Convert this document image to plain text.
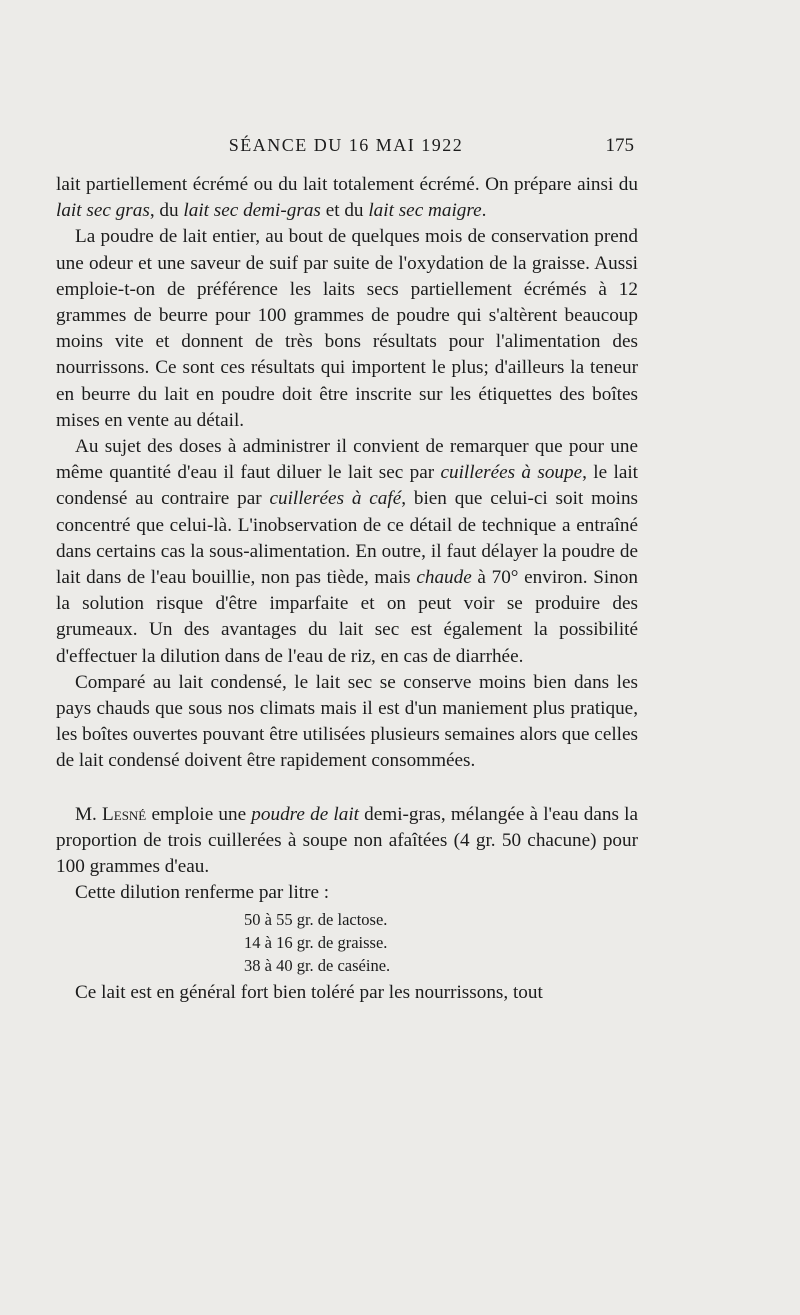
SÉANCE DU 16 MAI 1922	175

lait partiellement écrémé ou du lait totalement écrémé. On prépare ainsi du lait sec gras, du lait sec demi-gras et du lait sec maigre.

La poudre de lait entier, au bout de quelques mois de conservation prend une odeur et une saveur de suif par suite de l'oxydation de la graisse. Aussi emploie-t-on de préférence les laits secs partiellement écrémés à 12 grammes de beurre pour 100 grammes de poudre qui s'altèrent beaucoup moins vite et donnent de très bons résultats pour l'alimentation des nourrissons. Ce sont ces résultats qui importent le plus; d'ailleurs la teneur en beurre du lait en poudre doit être inscrite sur les étiquettes des boîtes mises en vente au détail.

Au sujet des doses à administrer il convient de remarquer que pour une même quantité d'eau il faut diluer le lait sec par cuillerées à soupe, le lait condensé au contraire par cuillerées à café, bien que celui-ci soit moins concentré que celui-là. L'inobservation de ce détail de technique a entraîné dans certains cas la sous-alimentation. En outre, il faut délayer la poudre de lait dans de l'eau bouillie, non pas tiède, mais chaude à 70° environ. Sinon la solution risque d'être imparfaite et on peut voir se produire des grumeaux. Un des avantages du lait sec est également la possibilité d'effectuer la dilution dans de l'eau de riz, en cas de diarrhée.

Comparé au lait condensé, le lait sec se conserve moins bien dans les pays chauds que sous nos climats mais il est d'un maniement plus pratique, les boîtes ouvertes pouvant être utilisées plusieurs semaines alors que celles de lait condensé doivent être rapidement consommées.

M. Lesné emploie une poudre de lait demi-gras, mélangée à l'eau dans la proportion de trois cuillerées à soupe non afaîtées (4 gr. 50 chacune) pour 100 grammes d'eau.

Cette dilution renferme par litre :

50 à 55 gr. de lactose.
14 à 16 gr. de graisse.
38 à 40 gr. de caséine.

Ce lait est en général fort bien toléré par les nourrissons, tout
